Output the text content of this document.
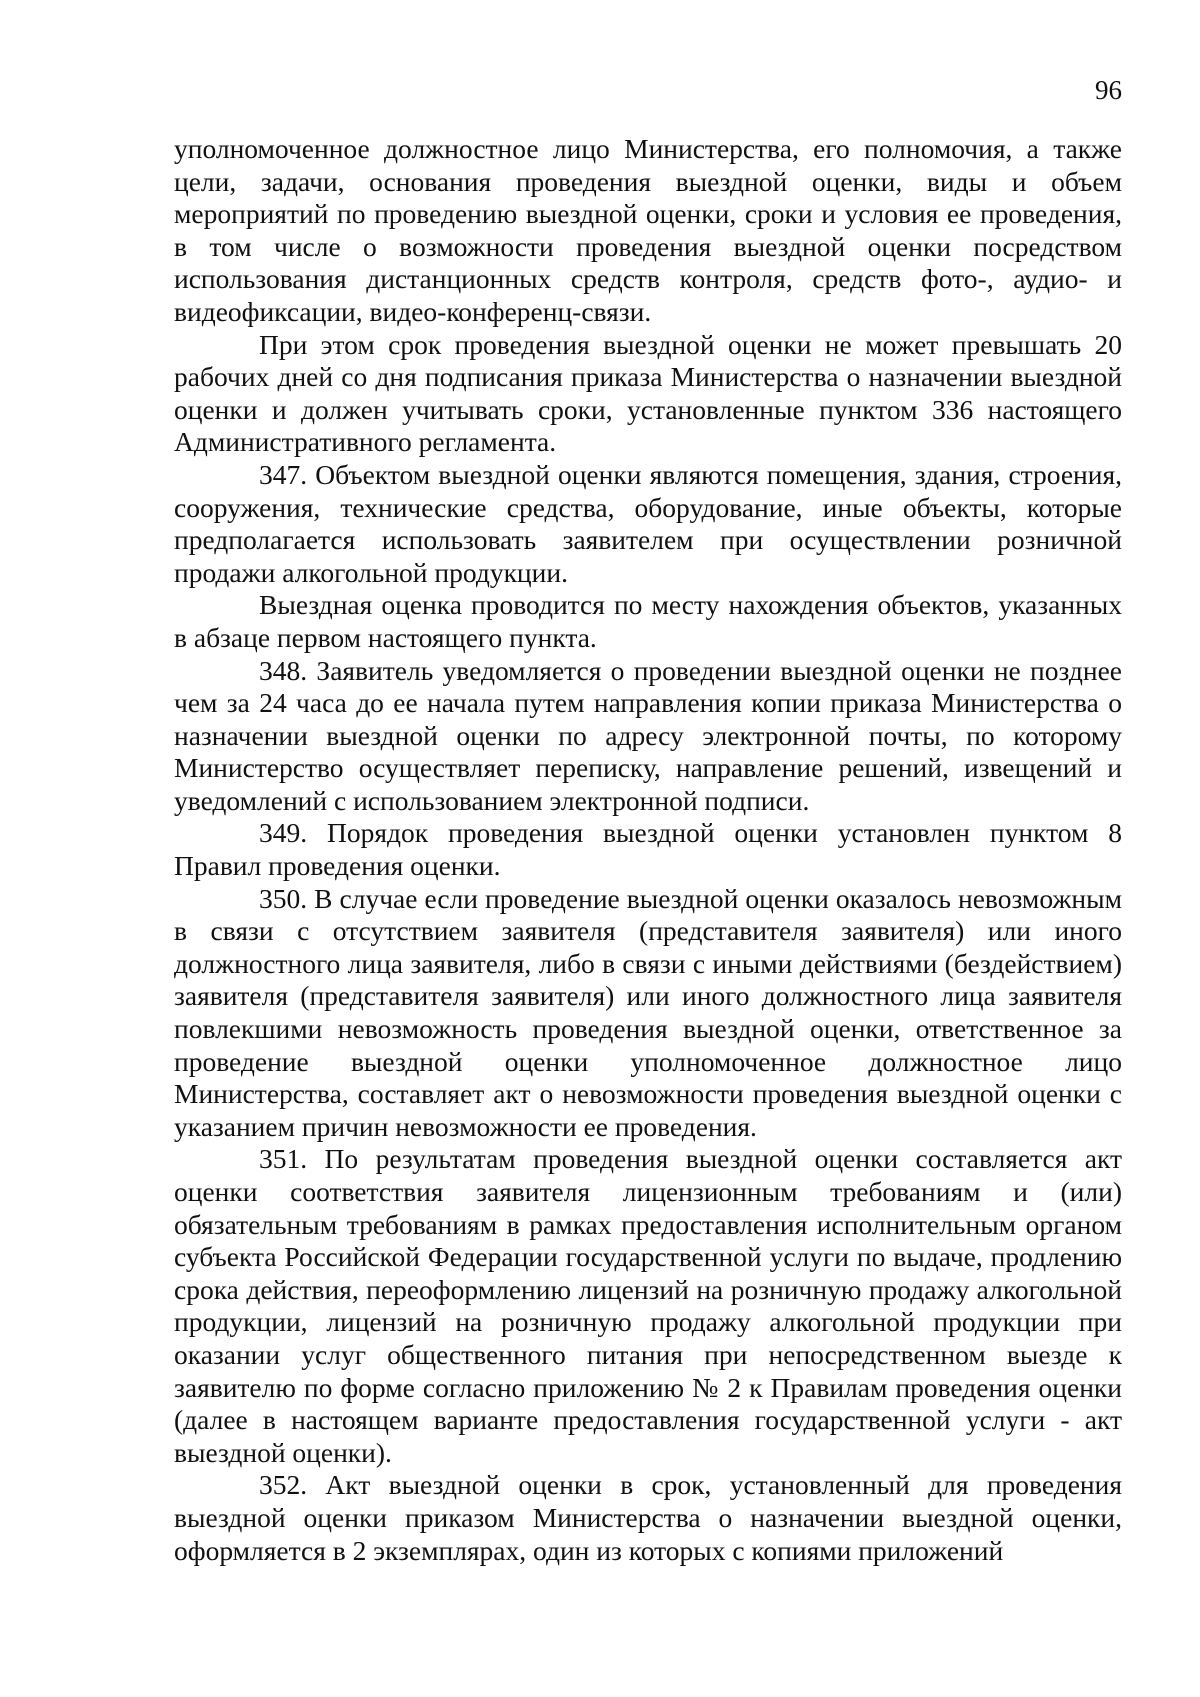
96

уполномоченное должностное лицо Министерства, его полномочия, а также цели, задачи, основания проведения выездной оценки, виды и объем мероприятий по проведению выездной оценки, сроки и условия ее проведения, в том числе о возможности проведения выездной оценки посредством использования дистанционных средств контроля, средств фото-, аудио- и видеофиксации, видео-конференц-связи.

При этом срок проведения выездной оценки не может превышать 20 рабочих дней со дня подписания приказа Министерства о назначении выездной оценки и должен учитывать сроки, установленные пунктом 336 настоящего Административного регламента.

347. Объектом выездной оценки являются помещения, здания, строения, сооружения, технические средства, оборудование, иные объекты, которые предполагается использовать заявителем при осуществлении розничной продажи алкогольной продукции.

Выездная оценка проводится по месту нахождения объектов, указанных в абзаце первом настоящего пункта.

348. Заявитель уведомляется о проведении выездной оценки не позднее чем за 24 часа до ее начала путем направления копии приказа Министерства о назначении выездной оценки по адресу электронной почты, по которому Министерство осуществляет переписку, направление решений, извещений и уведомлений с использованием электронной подписи.

349. Порядок проведения выездной оценки установлен пунктом 8 Правил проведения оценки.

350. В случае если проведение выездной оценки оказалось невозможным в связи с отсутствием заявителя (представителя заявителя) или иного должностного лица заявителя, либо в связи с иными действиями (бездействием) заявителя (представителя заявителя) или иного должностного лица заявителя повлекшими невозможность проведения выездной оценки, ответственное за проведение выездной оценки уполномоченное должностное лицо Министерства, составляет акт о невозможности проведения выездной оценки с указанием причин невозможности ее проведения.

351. По результатам проведения выездной оценки составляется акт оценки соответствия заявителя лицензионным требованиям и (или) обязательным требованиям в рамках предоставления исполнительным органом субъекта Российской Федерации государственной услуги по выдаче, продлению срока действия, переоформлению лицензий на розничную продажу алкогольной продукции, лицензий на розничную продажу алкогольной продукции при оказании услуг общественного питания при непосредственном выезде к заявителю по форме согласно приложению № 2 к Правилам проведения оценки (далее в настоящем варианте предоставления государственной услуги - акт выездной оценки).

352. Акт выездной оценки в срок, установленный для проведения выездной оценки приказом Министерства о назначении выездной оценки, оформляется в 2 экземплярах, один из которых с копиями приложений
